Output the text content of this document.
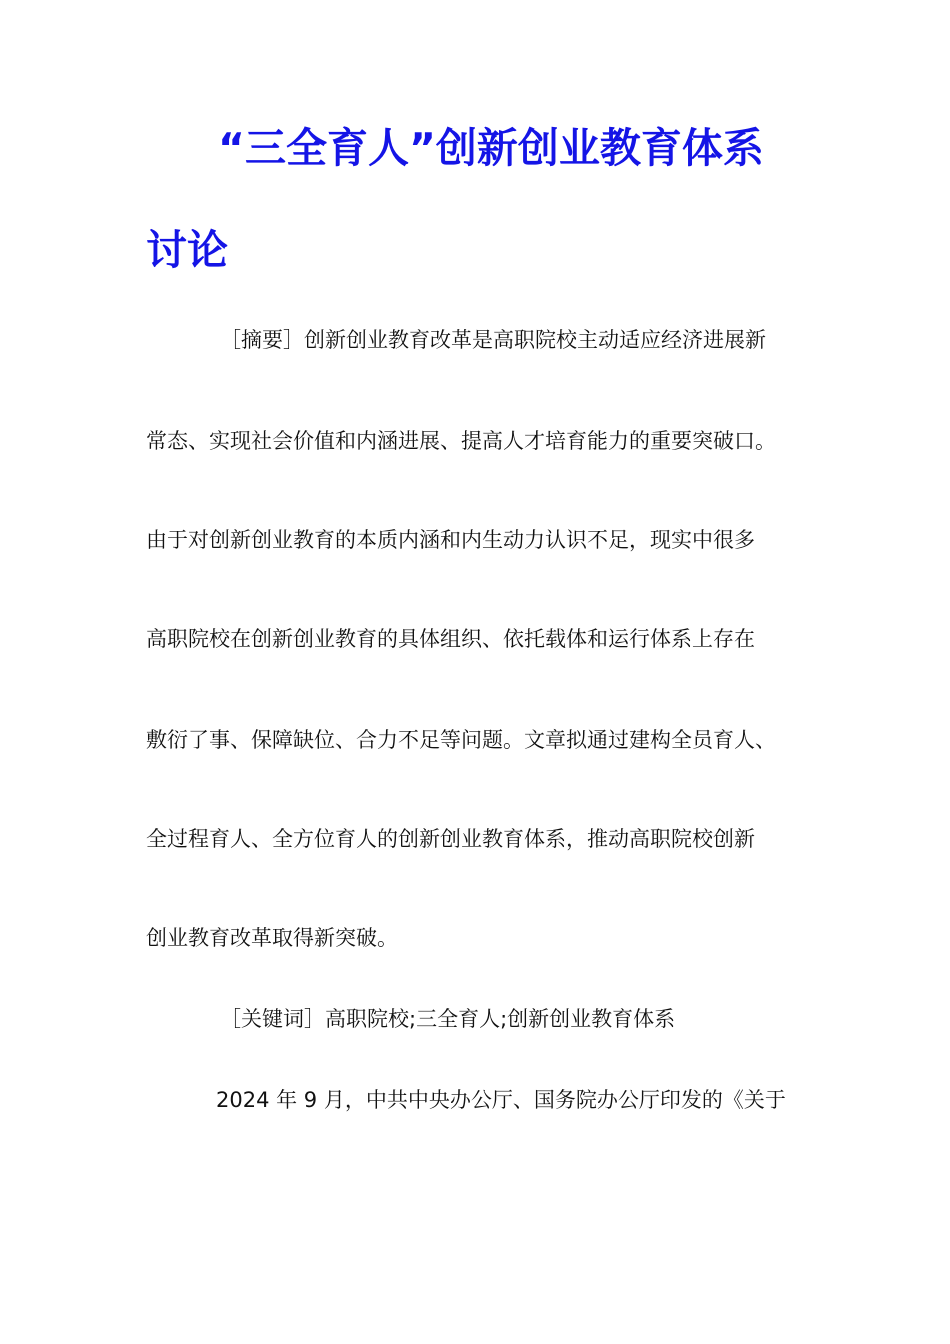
“三全育人”创新创业教育体系
讨论
［摘要］创新创业教育改革是高职院校主动适应经济进展新
常态、实现社会价值和内涵进展、提高人才培育能力的重要突破口。
由于对创新创业教育的本质内涵和内生动力认识不足，现实中很多
高职院校在创新创业教育的具体组织、依托载体和运行体系上存在
敷衍了事、保障缺位、合力不足等问题。文章拟通过建构全员育人、
全过程育人、全方位育人的创新创业教育体系，推动高职院校创新
创业教育改革取得新突破。
［关键词］高职院校;三全育人;创新创业教育体系
2024 年 9 月，中共中央办公厅、国务院办公厅印发的《关于
